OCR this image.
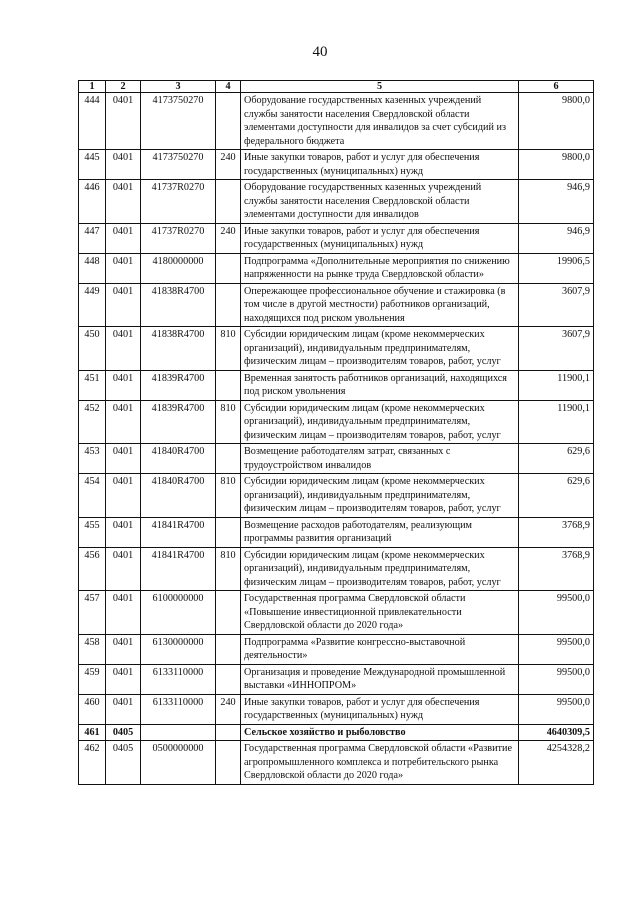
40
1	2	3	4	5	6
444	0401	4173750270		Оборудование государственных казенных учреждений службы занятости населения Свердловской области элементами доступности для инвалидов за счет субсидий из федерального бюджета	9800,0
445	0401	4173750270	240	Иные закупки товаров, работ и услуг для обеспечения государственных (муниципальных) нужд	9800,0
446	0401	41737R0270		Оборудование государственных казенных учреждений службы занятости населения Свердловской области элементами доступности для инвалидов	946,9
447	0401	41737R0270	240	Иные закупки товаров, работ и услуг для обеспечения государственных (муниципальных) нужд	946,9
448	0401	4180000000		Подпрограмма «Дополнительные мероприятия по снижению напряженности на рынке труда Свердловской области»	19906,5
449	0401	41838R4700		Опережающее профессиональное обучение и стажировка (в том числе в другой местности) работников организаций, находящихся под риском увольнения	3607,9
450	0401	41838R4700	810	Субсидии юридическим лицам (кроме некоммерческих организаций), индивидуальным предпринимателям, физическим лицам – производителям товаров, работ, услуг	3607,9
451	0401	41839R4700		Временная занятость работников организаций, находящихся под риском увольнения	11900,1
452	0401	41839R4700	810	Субсидии юридическим лицам (кроме некоммерческих организаций), индивидуальным предпринимателям, физическим лицам – производителям товаров, работ, услуг	11900,1
453	0401	41840R4700		Возмещение работодателям затрат, связанных с трудоустройством инвалидов	629,6
454	0401	41840R4700	810	Субсидии юридическим лицам (кроме некоммерческих организаций), индивидуальным предпринимателям, физическим лицам – производителям товаров, работ, услуг	629,6
455	0401	41841R4700		Возмещение расходов работодателям, реализующим программы развития организаций	3768,9
456	0401	41841R4700	810	Субсидии юридическим лицам (кроме некоммерческих организаций), индивидуальным предпринимателям, физическим лицам – производителям товаров, работ, услуг	3768,9
457	0401	6100000000		Государственная программа Свердловской области «Повышение инвестиционной привлекательности Свердловской области до 2020 года»	99500,0
458	0401	6130000000		Подпрограмма «Развитие конгрессно-выставочной деятельности»	99500,0
459	0401	6133110000		Организация и проведение Международной промышленной выставки «ИННОПРОМ»	99500,0
460	0401	6133110000	240	Иные закупки товаров, работ и услуг для обеспечения государственных (муниципальных) нужд	99500,0
461	0405			Сельское хозяйство и рыболовство	4640309,5
462	0405	0500000000		Государственная программа Свердловской области «Развитие агропромышленного комплекса и потребительского рынка Свердловской области до 2020 года»	4254328,2
